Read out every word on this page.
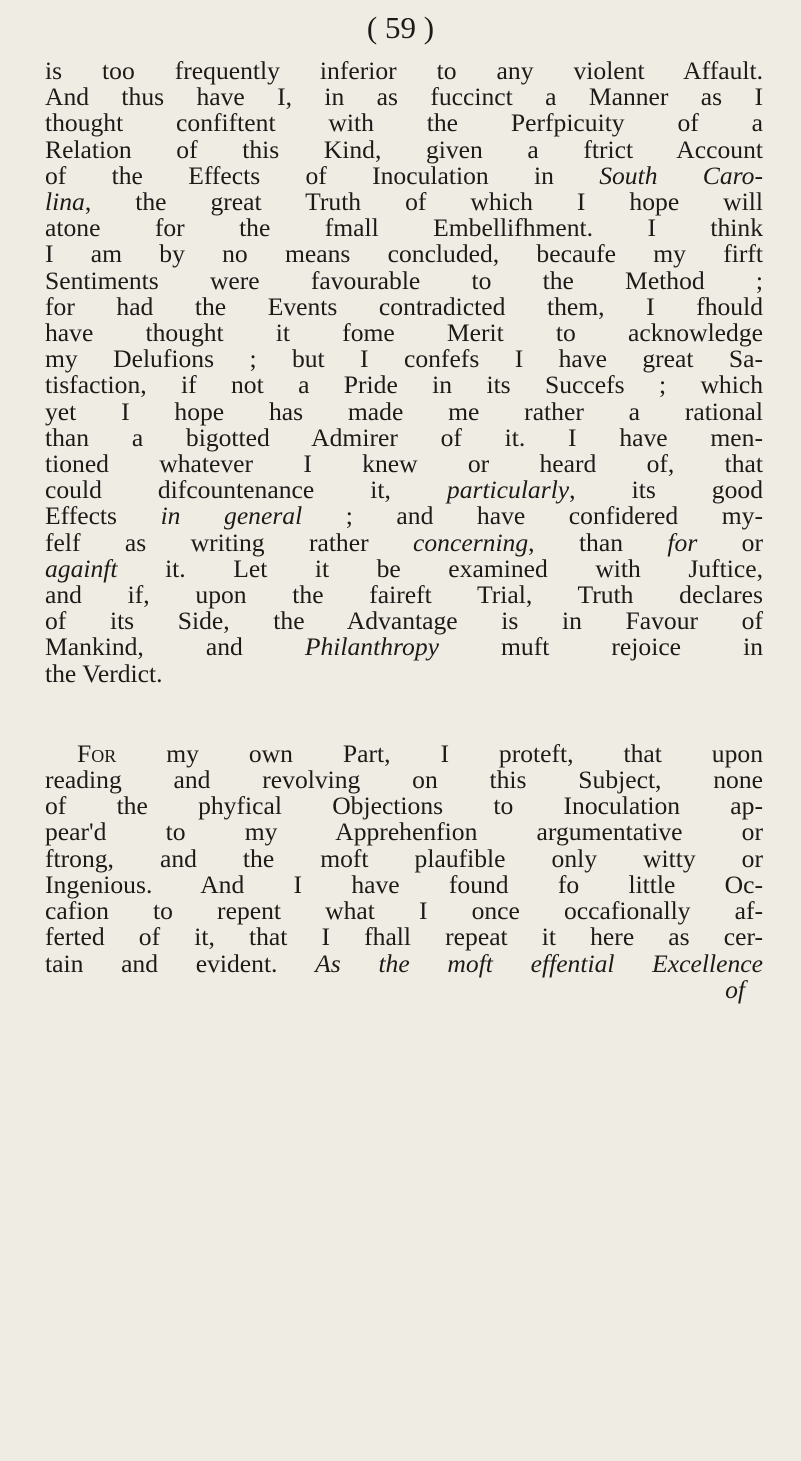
( 59 )
is too frequently inferior to any violent Affault.
And thus have I, in as fuccinct a Manner as I
thought confiftent with the Perfpicuity of a
Relation of this Kind, given a ftrict Account
of the Effects of Inoculation in South Caro-
lina, the great Truth of which I hope will
atone for the fmall Embellifhment. I think
I am by no means concluded, becaufe my firft
Sentiments were favourable to the Method ;
for had the Events contradicted them, I fhould
have thought it fome Merit to acknowledge
my Delufions ; but I confefs I have great Sa-
tisfaction, if not a Pride in its Succefs ; which
yet I hope has made me rather a rational
than a bigotted Admirer of it. I have men-
tioned whatever I knew or heard of, that
could difcountenance it, particularly, its good
Effects in general ; and have confidered my-
felf as writing rather concerning, than for or
againft it. Let it be examined with Juftice,
and if, upon the faireft Trial, Truth declares
of its Side, the Advantage is in Favour of
Mankind, and Philanthropy muft rejoice in
the Verdict.
For my own Part, I proteft, that upon
reading and revolving on this Subject, none
of the phyfical Objections to Inoculation ap-
pear'd to my Apprehenfion argumentative or
ftrong, and the moft plaufible only witty or
Ingenious. And I have found fo little Oc-
cafion to repent what I once occafionally af-
ferted of it, that I fhall repeat it here as cer-
tain and evident. As the moft effential Excellence
of
